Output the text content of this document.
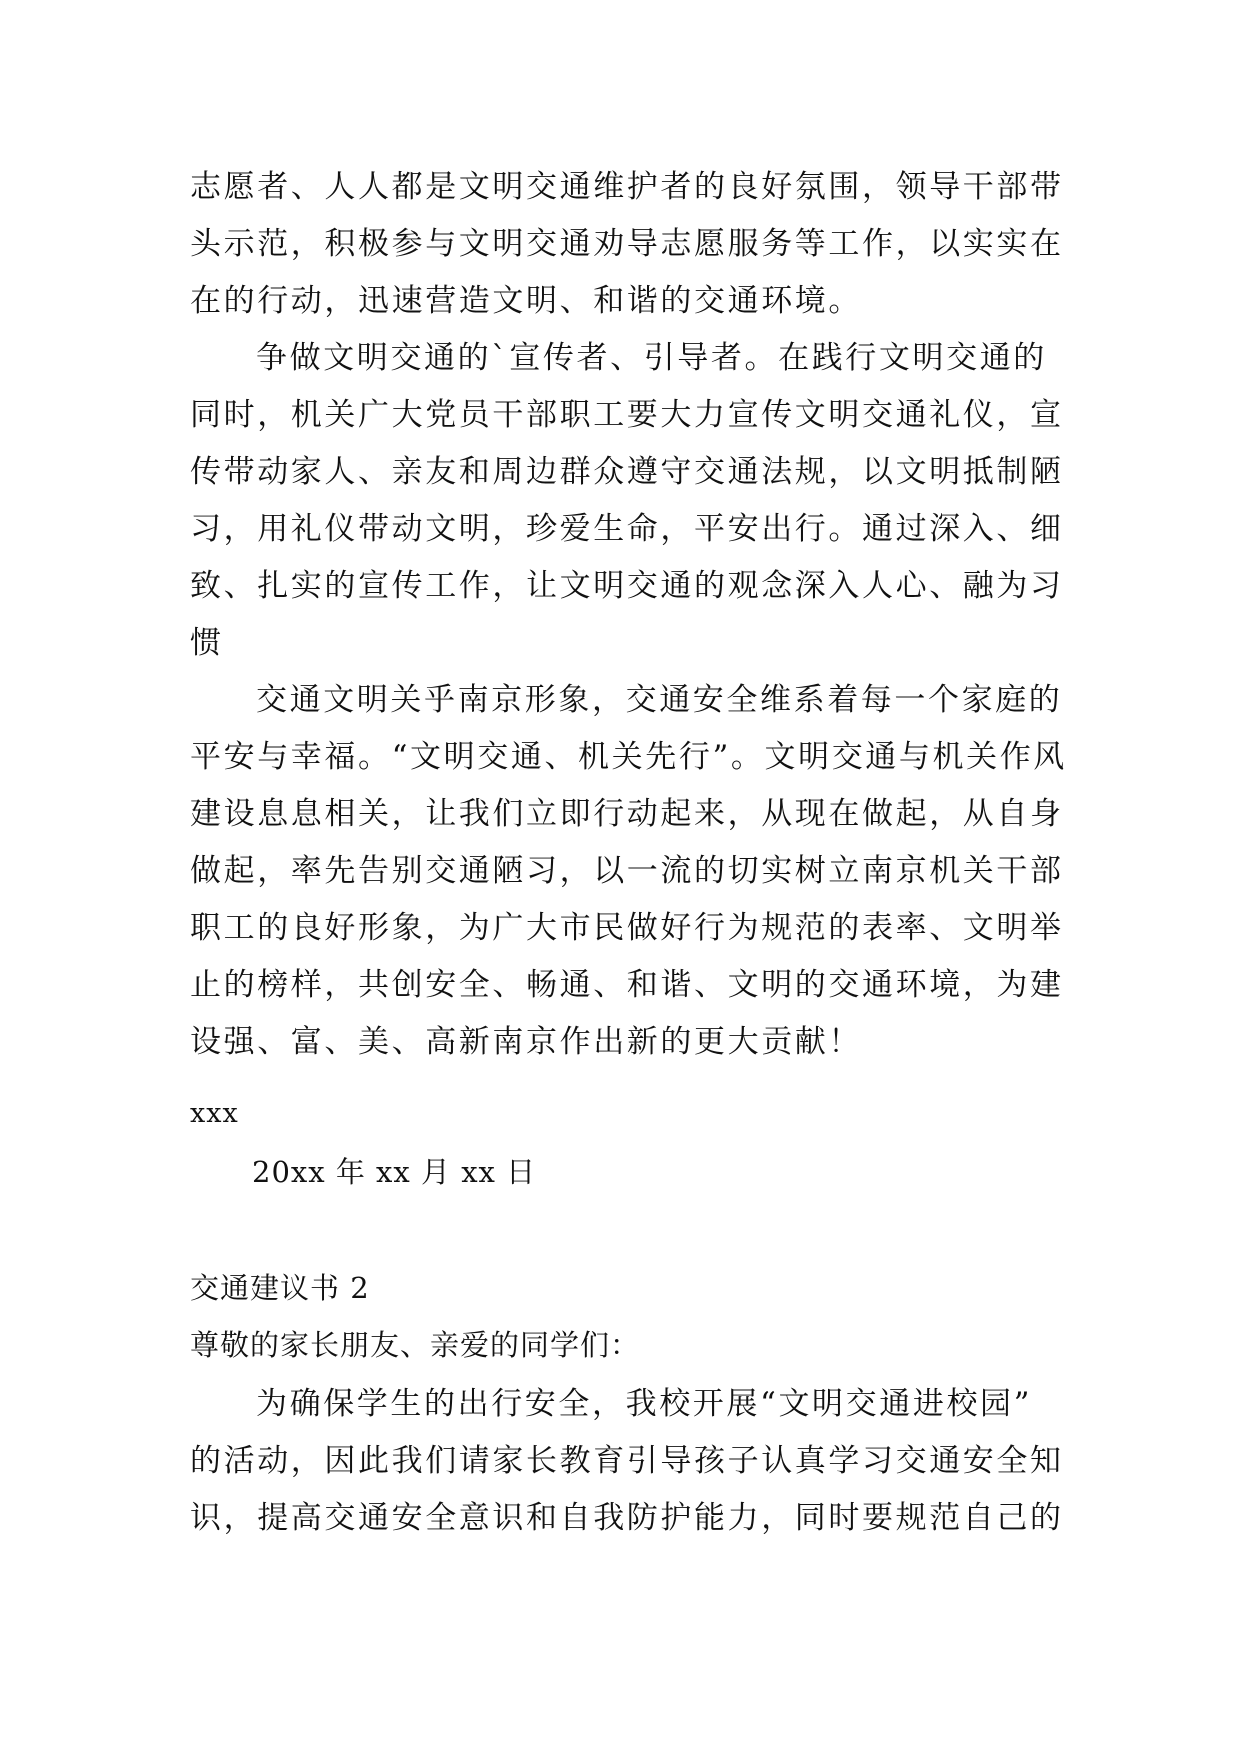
志愿者、人人都是文明交通维护者的良好氛围，领导干部带
头示范，积极参与文明交通劝导志愿服务等工作，以实实在
在的行动，迅速营造文明、和谐的交通环境。
争做文明交通的`宣传者、引导者。在践行文明交通的
同时，机关广大党员干部职工要大力宣传文明交通礼仪，宣
传带动家人、亲友和周边群众遵守交通法规，以文明抵制陋
习，用礼仪带动文明，珍爱生命，平安出行。通过深入、细
致、扎实的宣传工作，让文明交通的观念深入人心、融为习
惯
交通文明关乎南京形象，交通安全维系着每一个家庭的
平安与幸福。“文明交通、机关先行”。文明交通与机关作风
建设息息相关，让我们立即行动起来，从现在做起，从自身
做起，率先告别交通陋习，以一流的切实树立南京机关干部
职工的良好形象，为广大市民做好行为规范的表率、文明举
止的榜样，共创安全、畅通、和谐、文明的交通环境，为建
设强、富、美、高新南京作出新的更大贡献！
xxx
20xx 年 xx 月 xx 日
交通建议书 2
尊敬的家长朋友、亲爱的同学们：
为确保学生的出行安全，我校开展“文明交通进校园”
的活动，因此我们请家长教育引导孩子认真学习交通安全知
识，提高交通安全意识和自我防护能力，同时要规范自己的
